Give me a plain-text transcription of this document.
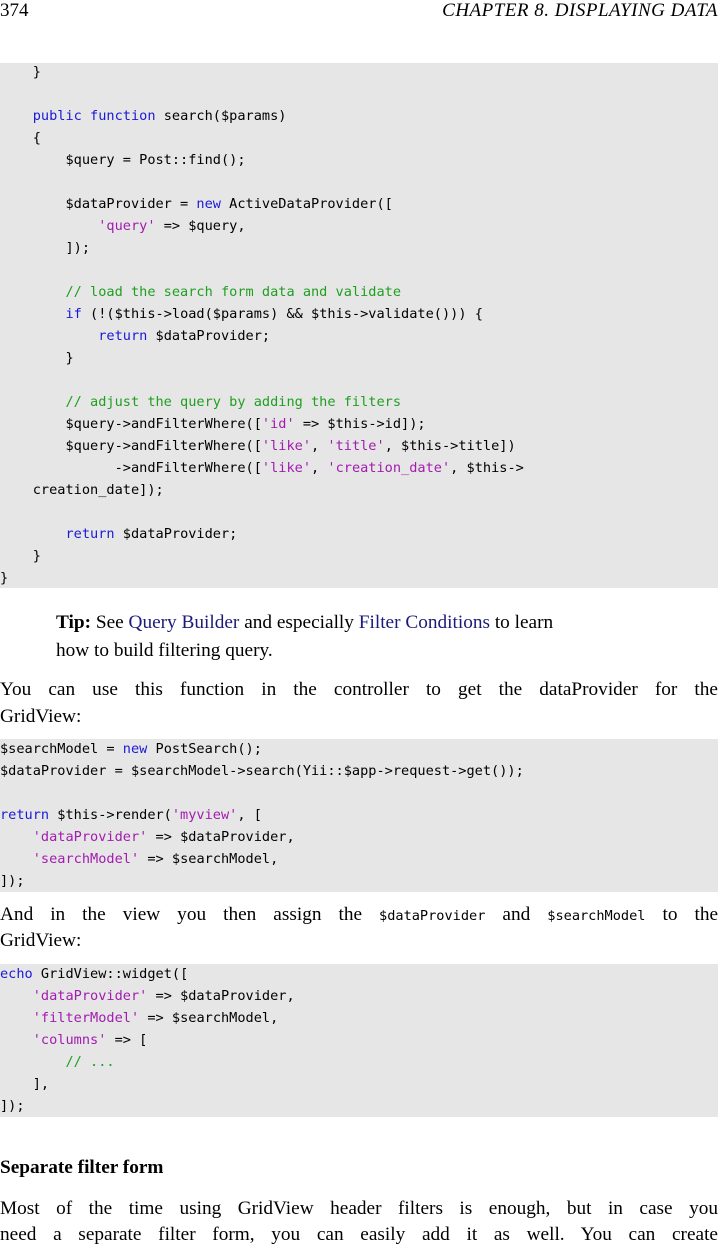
374	CHAPTER 8. DISPLAYING DATA
}
public function search($params)
{
$query = Post::find();
$dataProvider = new ActiveDataProvider([
'query' => $query,
]);
// load the search form data and validate
if (!($this->load($params) && $this->validate())) {
return $dataProvider;
}
// adjust the query by adding the filters
$query->andFilterWhere(['id' => $this->id]);
$query->andFilterWhere(['like', 'title', $this->title])
->andFilterWhere(['like', 'creation_date', $this->
creation_date]);
return $dataProvider;
}
}
Tip: See Query Builder and especially Filter Conditions to learn
how to build filtering query.
You can use this function in the controller to get the dataProvider for the
GridView:
$searchModel = new PostSearch();
$dataProvider = $searchModel->search(Yii::$app->request->get());
return $this->render('myview', [
'dataProvider' => $dataProvider,
'searchModel' => $searchModel,
]);
And in the view you then assign the $dataProvider and $searchModel to the
GridView:
echo GridView::widget([
'dataProvider' => $dataProvider,
'filterModel' => $searchModel,
'columns' => [
// ...
],
]);
Separate filter form
Most of the time using GridView header filters is enough, but in case you
need a separate filter form, you can easily add it as well. You can create
